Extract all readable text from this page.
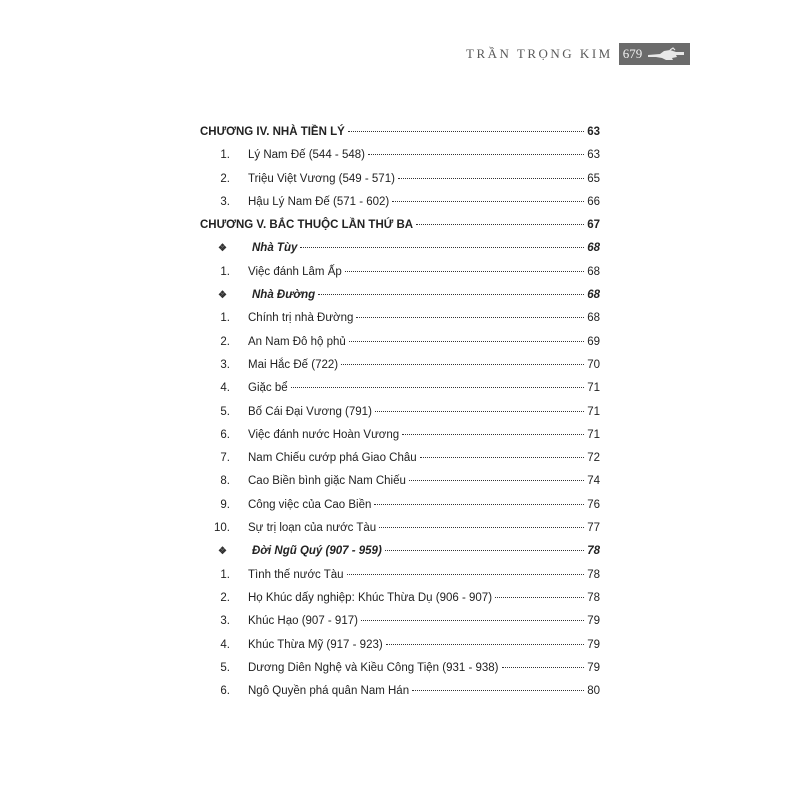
TRẦN TRỌNG KIM 679
CHƯƠNG IV. NHÀ TIỀN LÝ	63
1.	Lý Nam Đế (544 - 548)	63
2.	Triệu Việt Vương (549 - 571)	65
3.	Hậu Lý Nam Đế (571 - 602)	66
CHƯƠNG V. BẮC THUỘC LẦN THỨ BA	67
❖	Nhà Tùy	68
1.	Việc đánh Lâm Ấp	68
❖	Nhà Đường	68
1.	Chính trị nhà Đường	68
2.	An Nam Đô hộ phủ	69
3.	Mai Hắc Đế (722)	70
4.	Giặc bể	71
5.	Bố Cái Đại Vương (791)	71
6.	Việc đánh nước Hoàn Vương	71
7.	Nam Chiếu cướp phá Giao Châu	72
8.	Cao Biền bình giặc Nam Chiếu	74
9.	Công việc của Cao Biền	76
10.	Sự trị loạn của nước Tàu	77
❖	Đời Ngũ Quý (907 - 959)	78
1.	Tình thế nước Tàu	78
2.	Họ Khúc dấy nghiệp: Khúc Thừa Dụ (906 - 907)	78
3.	Khúc Hạo (907 - 917)	79
4.	Khúc Thừa Mỹ (917 - 923)	79
5.	Dương Diên Nghệ và Kiều Công Tiện (931 - 938)	79
6.	Ngô Quyền phá quân Nam Hán	80
